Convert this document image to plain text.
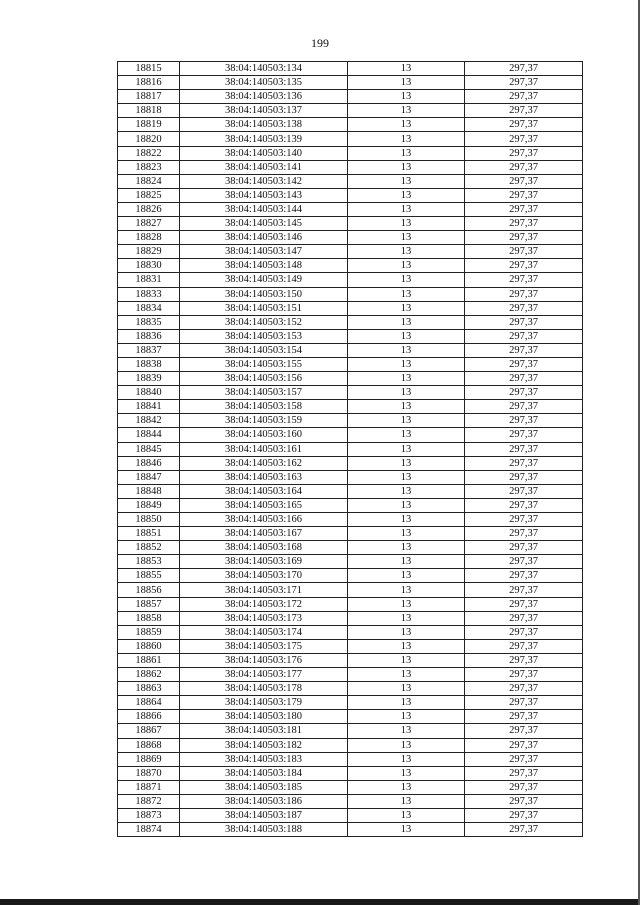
199
18815	38:04:140503:134	13	297,37
18816	38:04:140503:135	13	297,37
18817	38:04:140503:136	13	297,37
18818	38:04:140503:137	13	297,37
18819	38:04:140503:138	13	297,37
18820	38:04:140503:139	13	297,37
18822	38:04:140503:140	13	297,37
18823	38:04:140503:141	13	297,37
18824	38:04:140503:142	13	297,37
18825	38:04:140503:143	13	297,37
18826	38:04:140503:144	13	297,37
18827	38:04:140503:145	13	297,37
18828	38:04:140503:146	13	297,37
18829	38:04:140503:147	13	297,37
18830	38:04:140503:148	13	297,37
18831	38:04:140503:149	13	297,37
18833	38:04:140503:150	13	297,37
18834	38:04:140503:151	13	297,37
18835	38:04:140503:152	13	297,37
18836	38:04:140503:153	13	297,37
18837	38:04:140503:154	13	297,37
18838	38:04:140503:155	13	297,37
18839	38:04:140503:156	13	297,37
18840	38:04:140503:157	13	297,37
18841	38:04:140503:158	13	297,37
18842	38:04:140503:159	13	297,37
18844	38:04:140503:160	13	297,37
18845	38:04:140503:161	13	297,37
18846	38:04:140503:162	13	297,37
18847	38:04:140503:163	13	297,37
18848	38:04:140503:164	13	297,37
18849	38:04:140503:165	13	297,37
18850	38:04:140503:166	13	297,37
18851	38:04:140503:167	13	297,37
18852	38:04:140503:168	13	297,37
18853	38:04:140503:169	13	297,37
18855	38:04:140503:170	13	297,37
18856	38:04:140503:171	13	297,37
18857	38:04:140503:172	13	297,37
18858	38:04:140503:173	13	297,37
18859	38:04:140503:174	13	297,37
18860	38:04:140503:175	13	297,37
18861	38:04:140503:176	13	297,37
18862	38:04:140503:177	13	297,37
18863	38:04:140503:178	13	297,37
18864	38:04:140503:179	13	297,37
18866	38:04:140503:180	13	297,37
18867	38:04:140503:181	13	297,37
18868	38:04:140503:182	13	297,37
18869	38:04:140503:183	13	297,37
18870	38:04:140503:184	13	297,37
18871	38:04:140503:185	13	297,37
18872	38:04:140503:186	13	297,37
18873	38:04:140503:187	13	297,37
18874	38:04:140503:188	13	297,37
